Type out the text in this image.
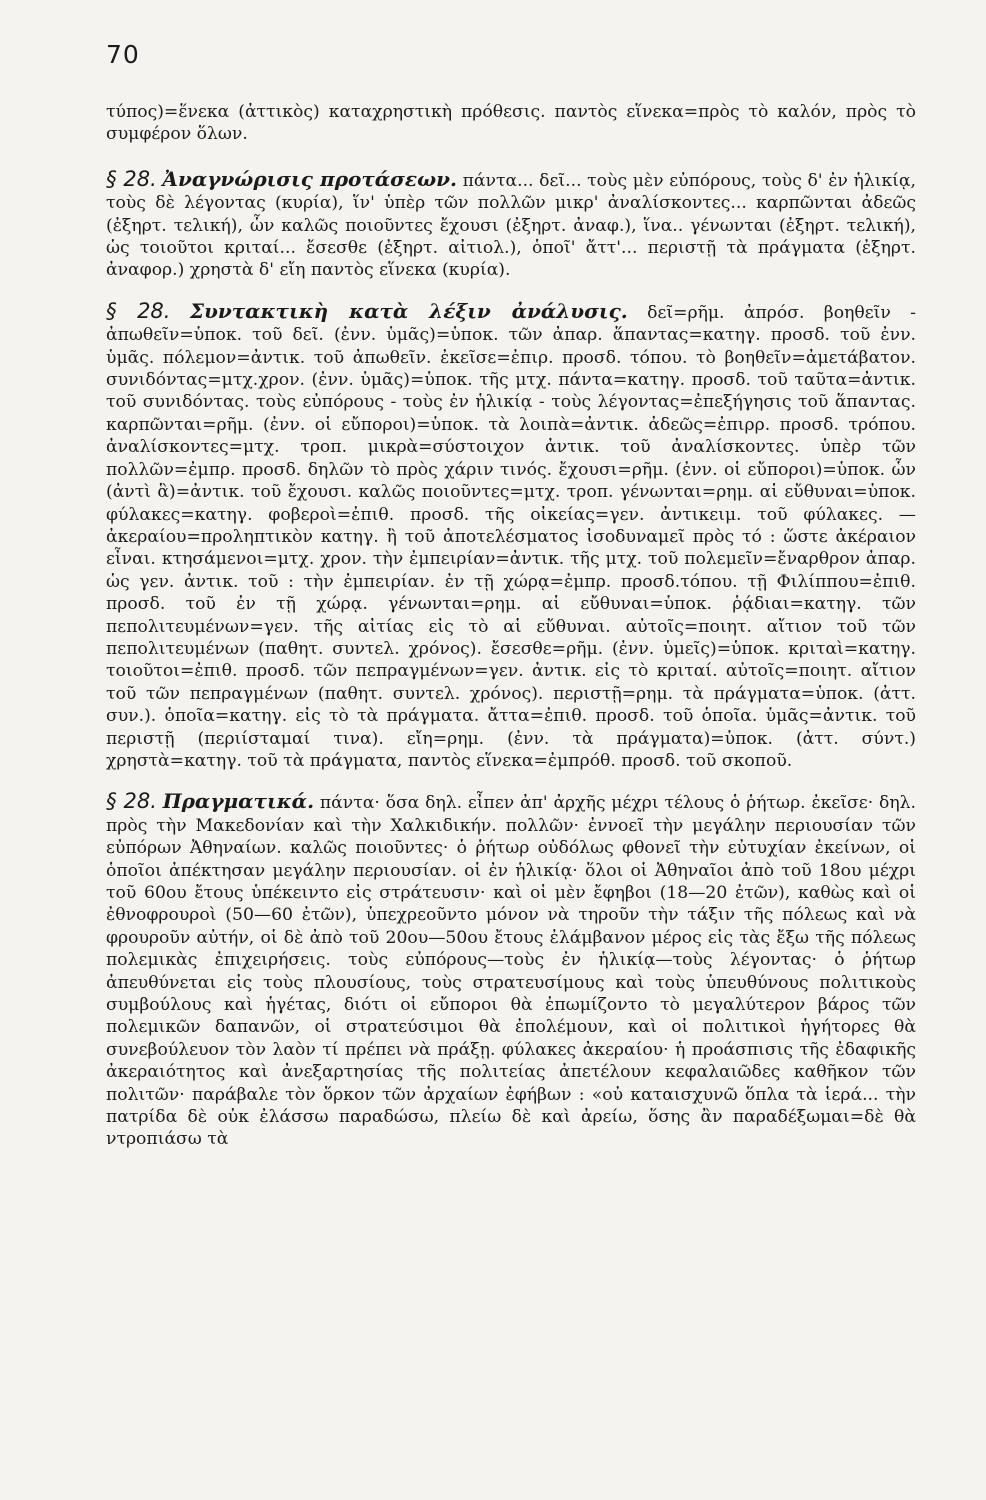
70

τύπος)=ἕνεκα (ἀττικὸς) καταχρηστικὴ πρόθεσις. παντὸς εἵνεκα=πρὸς τὸ καλόν, πρὸς τὸ συμφέρον ὅλων.

§ 28. Ἀναγνώρισις προτάσεων. πάντα... δεῖ... τοὺς μὲν εὐπόρους, τοὺς δ' ἐν ἡλικίᾳ, τοὺς δὲ λέγοντας (κυρία), ἵν' ὑπὲρ τῶν πολλῶν μικρ' ἀναλίσκοντες... καρπῶνται ἀδεῶς (ἐξηρτ. τελική), ὧν καλῶς ποιοῦντες ἔχουσι (ἐξηρτ. ἀναφ.), ἵνα.. γένωνται (ἐξηρτ. τελική), ὡς τοιοῦτοι κριταί... ἔσεσθε (ἐξηρτ. αἰτιολ.), ὁποῖ' ἄττ'... περιστῇ τὰ πράγματα (ἐξηρτ. ἀναφορ.) χρηστὰ δ' εἴη παντὸς εἵνεκα (κυρία).

§ 28. Συντακτικὴ κατὰ λέξιν ἀνάλυσις. δεῖ=ρῆμ. ἀπρόσ. βοηθεῖν - ἀπωθεῖν=ὑποκ. τοῦ δεῖ. (ἐνν. ὑμᾶς)=ὑποκ. τῶν ἀπαρ. ἅπαντας=κατηγ. προσδ. τοῦ ἐνν. ὑμᾶς. πόλεμον=ἀντικ. τοῦ ἀπωθεῖν. ἐκεῖσε=ἐπιρ. προσδ. τόπου. τὸ βοηθεῖν=ἀμετάβατον. συνιδόντας=μτχ.χρον. (ἐνν. ὑμᾶς)=ὑποκ. τῆς μτχ. πάντα=κατηγ. προσδ. τοῦ ταῦτα=ἀντικ. τοῦ συνιδόντας. τοὺς εὐπόρους - τοὺς ἐν ἡλικίᾳ - τοὺς λέγοντας=ἐπεξήγησις τοῦ ἅπαντας. καρπῶνται=ρῆμ. (ἐνν. οἱ εὔποροι)=ὑποκ. τὰ λοιπὰ=ἀντικ. ἀδεῶς=ἐπιρρ. προσδ. τρόπου. ἀναλίσκοντες=μτχ. τροπ. μικρὰ=σύστοιχον ἀντικ. τοῦ ἀναλίσκοντες. ὑπὲρ τῶν πολλῶν=ἐμπρ. προσδ. δηλῶν τὸ πρὸς χάριν τινός. ἔχουσι=ρῆμ. (ἐνν. οἱ εὔποροι)=ὑποκ. ὧν (ἀντὶ ἃ)=ἀντικ. τοῦ ἔχουσι. καλῶς ποιοῦντες=μτχ. τροπ. γένωνται=ρημ. αἱ εὔθυναι=ὑποκ. φύλακες=κατηγ. φοβεροὶ=ἐπιθ. προσδ. τῆς οἰκείας=γεν. ἀντικειμ. τοῦ φύλακες. — ἀκεραίου=προληπτικὸν κατηγ. ἢ τοῦ ἀποτελέσματος ἰσοδυναμεῖ πρὸς τό : ὥστε ἀκέραιον εἶναι. κτησάμενοι=μτχ. χρον. τὴν ἐμπειρίαν=ἀντικ. τῆς μτχ. τοῦ πολεμεῖν=ἔναρθρον ἀπαρ. ὡς γεν. ἀντικ. τοῦ : τὴν ἐμπειρίαν. ἐν τῇ χώρᾳ=ἐμπρ. προσδ.τόπου. τῇ Φιλίππου=ἐπιθ. προσδ. τοῦ ἐν τῇ χώρᾳ. γένωνται=ρημ. αἱ εὔθυναι=ὑποκ. ῥᾴδιαι=κατηγ. τῶν πεπολιτευμένων=γεν. τῆς αἰτίας εἰς τὸ αἱ εὔθυναι. αὐτοῖς=ποιητ. αἴτιον τοῦ τῶν πεπολιτευμένων (παθητ. συντελ. χρόνος). ἔσεσθε=ρῆμ. (ἐνν. ὑμεῖς)=ὑποκ. κριταὶ=κατηγ. τοιοῦτοι=ἐπιθ. προσδ. τῶν πεπραγμένων=γεν. ἀντικ. εἰς τὸ κριταί. αὐτοῖς=ποιητ. αἴτιον τοῦ τῶν πεπραγμένων (παθητ. συντελ. χρόνος). περιστῇ=ρημ. τὰ πράγματα=ὑποκ. (ἀττ. συν.). ὁποῖα=κατηγ. εἰς τὸ τὰ πράγματα. ἄττα=ἐπιθ. προσδ. τοῦ ὁποῖα. ὑμᾶς=ἀντικ. τοῦ περιστῇ (περιίσταμαί τινα). εἴη=ρημ. (ἐνν. τὰ πράγματα)=ὑποκ. (ἀττ. σύντ.) χρηστὰ=κατηγ. τοῦ τὰ πράγματα, παντὸς εἵνεκα=ἐμπρόθ. προσδ. τοῦ σκοποῦ.

§ 28. Πραγματικά. πάντα· ὅσα δηλ. εἶπεν ἀπ' ἀρχῆς μέχρι τέλους ὁ ῥήτωρ. ἐκεῖσε· δηλ. πρὸς τὴν Μακεδονίαν καὶ τὴν Χαλκιδικήν. πολλῶν· ἐννοεῖ τὴν μεγάλην περιουσίαν τῶν εὐπόρων Ἀθηναίων. καλῶς ποιοῦντες· ὁ ῥήτωρ οὐδόλως φθονεῖ τὴν εὐτυχίαν ἐκείνων, οἱ ὁποῖοι ἀπέκτησαν μεγάλην περιουσίαν. οἱ ἐν ἡλικίᾳ· ὅλοι οἱ Ἀθηναῖοι ἀπὸ τοῦ 18ου μέχρι τοῦ 60ου ἔτους ὑπέκειντο εἰς στράτευσιν· καὶ οἱ μὲν ἔφηβοι (18—20 ἐτῶν), καθὼς καὶ οἱ ἐθνοφρουροὶ (50—60 ἐτῶν), ὑπεχρεοῦντο μόνον νὰ τηροῦν τὴν τάξιν τῆς πόλεως καὶ νὰ φρουροῦν αὐτήν, οἱ δὲ ἀπὸ τοῦ 20ου—50ου ἔτους ἐλάμβανον μέρος εἰς τὰς ἔξω τῆς πόλεως πολεμικὰς ἐπιχειρήσεις. τοὺς εὐπόρους—τοὺς ἐν ἡλικίᾳ—τοὺς λέγοντας· ὁ ῥήτωρ ἀπευθύνεται εἰς τοὺς πλουσίους, τοὺς στρατευσίμους καὶ τοὺς ὑπευθύνους πολιτικοὺς συμβούλους καὶ ἡγέτας, διότι οἱ εὔποροι θὰ ἐπωμίζοντο τὸ μεγαλύτερον βάρος τῶν πολεμικῶν δαπανῶν, οἱ στρατεύσιμοι θὰ ἐπολέμουν, καὶ οἱ πολιτικοὶ ἡγήτορες θὰ συνεβούλευον τὸν λαὸν τί πρέπει νὰ πράξῃ. φύλακες ἀκεραίου· ἡ προάσπισις τῆς ἐδαφικῆς ἀκεραιότητος καὶ ἀνεξαρτησίας τῆς πολιτείας ἀπετέλουν κεφαλαιῶδες καθῆκον τῶν πολιτῶν· παράβαλε τὸν ὅρκον τῶν ἀρχαίων ἐφήβων : «οὐ καταισχυνῶ ὅπλα τὰ ἱερά... τὴν πατρίδα δὲ οὐκ ἐλάσσω παραδώσω, πλείω δὲ καὶ ἀρείω, ὅσης ἂν παραδέξωμαι=δὲ θὰ ντροπιάσω τὰ
